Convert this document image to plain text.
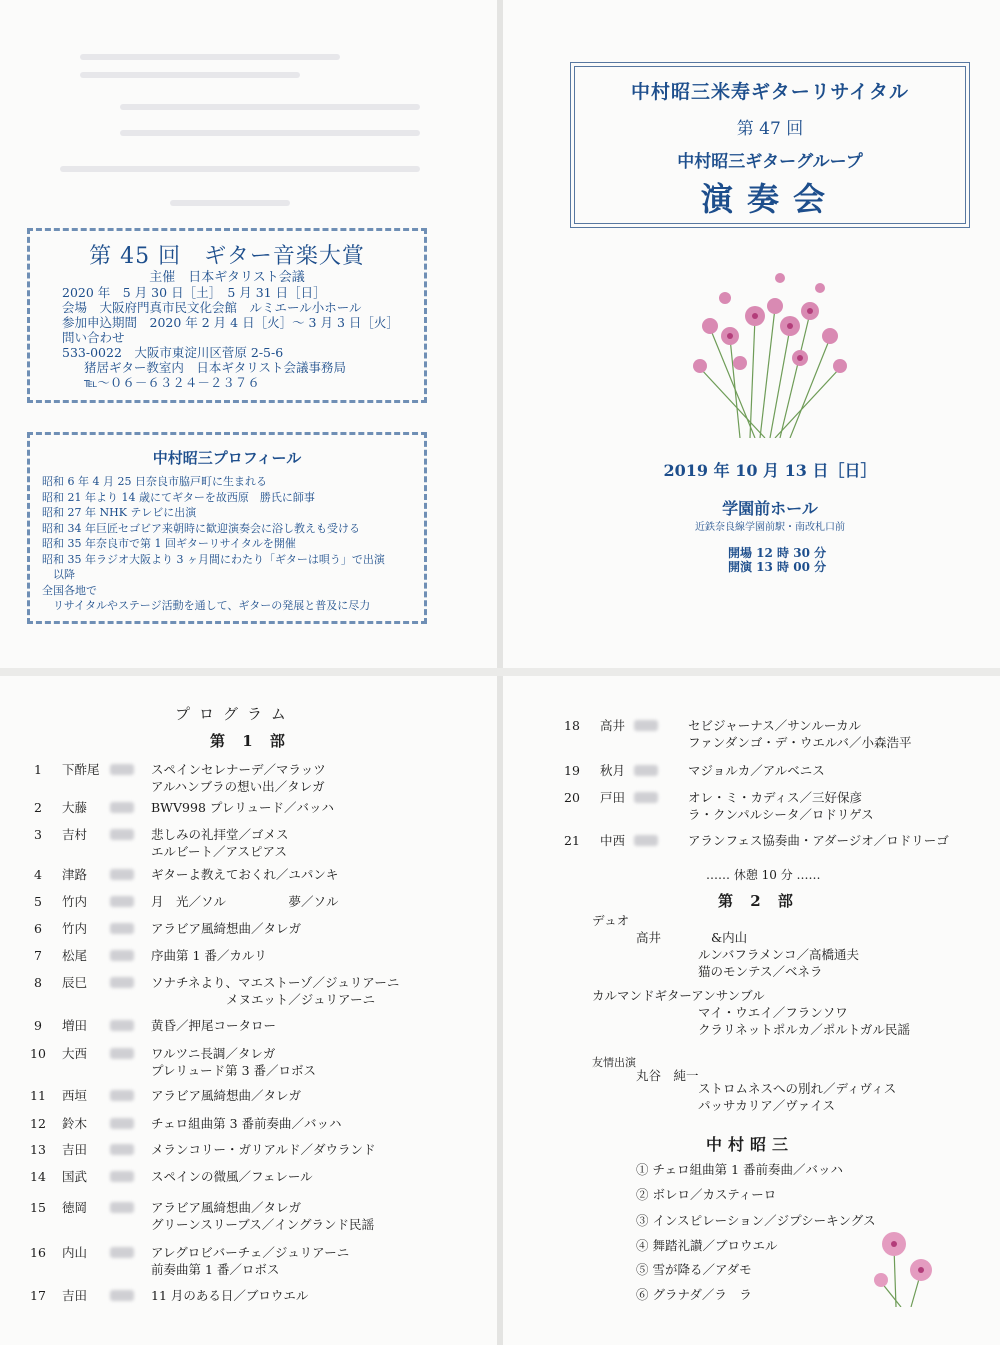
第 45 回　ギター音楽大賞

主催　日本ギタリスト会議

2020 年　5 月 30 日［土］　5 月 31 日［日］

会場　大阪府門真市民文化会館　ルミエール小ホール

参加申込期間　2020 年 2 月 4 日［火］～ 3 月 3 日［火］

問い合わせ

533-0022　大阪市東淀川区菅原 2-5-6

猪居ギター教室内　日本ギタリスト会議事務局

℡～０６－６３２４－２３７６

中村昭三プロフィール

昭和 6 年 4 月 25 日奈良市脇戸町に生まれる

昭和 21 年より 14 歳にてギターを故西原　勝氏に師事

昭和 27 年 NHK テレビに出演

昭和 34 年巨匠セゴビア来朝時に歓迎演奏会に浴し教えも受ける

昭和 35 年奈良市で第 1 回ギターリサイタルを開催

昭和 35 年ラジオ大阪より 3 ヶ月間にわたり「ギターは唄う」で出演

　以降

全国各地で

　リサイタルやステージ活動を通して、ギターの発展と普及に尽力

中村昭三米寿ギターリサイタル
第 47 回
中村昭三ギターグループ
演奏会
2019 年 10 月 13 日［日］
学園前ホール
近鉄奈良線学園前駅・南改札口前
開場 12 時 30 分
開演 13 時 00 分
プログラム
第 1 部
1	下酢尾	スペインセレナーデ／マラッツ
アルハンブラの想い出／タレガ
2	大藤	BWV998 プレリュード／バッハ
3	吉村	悲しみの礼拝堂／ゴメス
エルビート／アスピアス
4	津路	ギターよ教えておくれ／ユパンキ
5	竹内	月　光／ソル　　　　　夢／ソル
6	竹内	アラビア風綺想曲／タレガ
7	松尾	序曲第 1 番／カルリ
8	辰巳	ソナチネより、マエストーゾ／ジュリアーニ
　　　　　　メヌエット／ジュリアーニ
9	増田	黄昏／押尾コータロー
10	大西	ワルツニ長調／タレガ
プレリュード第 3 番／ロボス
11	西垣	アラビア風綺想曲／タレガ
12	鈴木	チェロ組曲第 3 番前奏曲／バッハ
13	吉田	メランコリー・ガリアルド／ダウランド
14	国武	スペインの微風／フェレール
15	徳岡	アラビア風綺想曲／タレガ
グリーンスリーブス／イングランド民謡
16	内山	アレグロビバーチェ／ジュリアーニ
前奏曲第 1 番／ロボス
17	吉田	11 月のある日／ブロウエル
18	高井	セビジャーナス／サンルーカル
ファンダンゴ・デ・ウエルバ／小森浩平
19	秋月	マジョルカ／アルベニス
20	戸田	オレ・ミ・カディス／三好保彦
ラ・クンパルシータ／ロドリゲス
21	中西	アランフェス協奏曲・アダージオ／ロドリーゴ
…… 休憩 10 分 ……
第 2 部
デュオ
高井　　　　&内山
ルンバフラメンコ／高橋通夫
猫のモンテス／ベネラ
カルマンドギターアンサンブル
マイ・ウエイ／フランソワ
クラリネットポルカ／ポルトガル民謡
友情出演
丸谷　純一
ストロムネスへの別れ／ディヴィス
パッサカリア／ヴァイス
中村昭三
① チェロ組曲第 1 番前奏曲／バッハ
② ボレロ／カスティーロ
③ インスピレーション／ジプシーキングス
④ 舞踏礼讃／ブロウエル
⑤ 雪が降る／アダモ
⑥ グラナダ／ラ　ラ
